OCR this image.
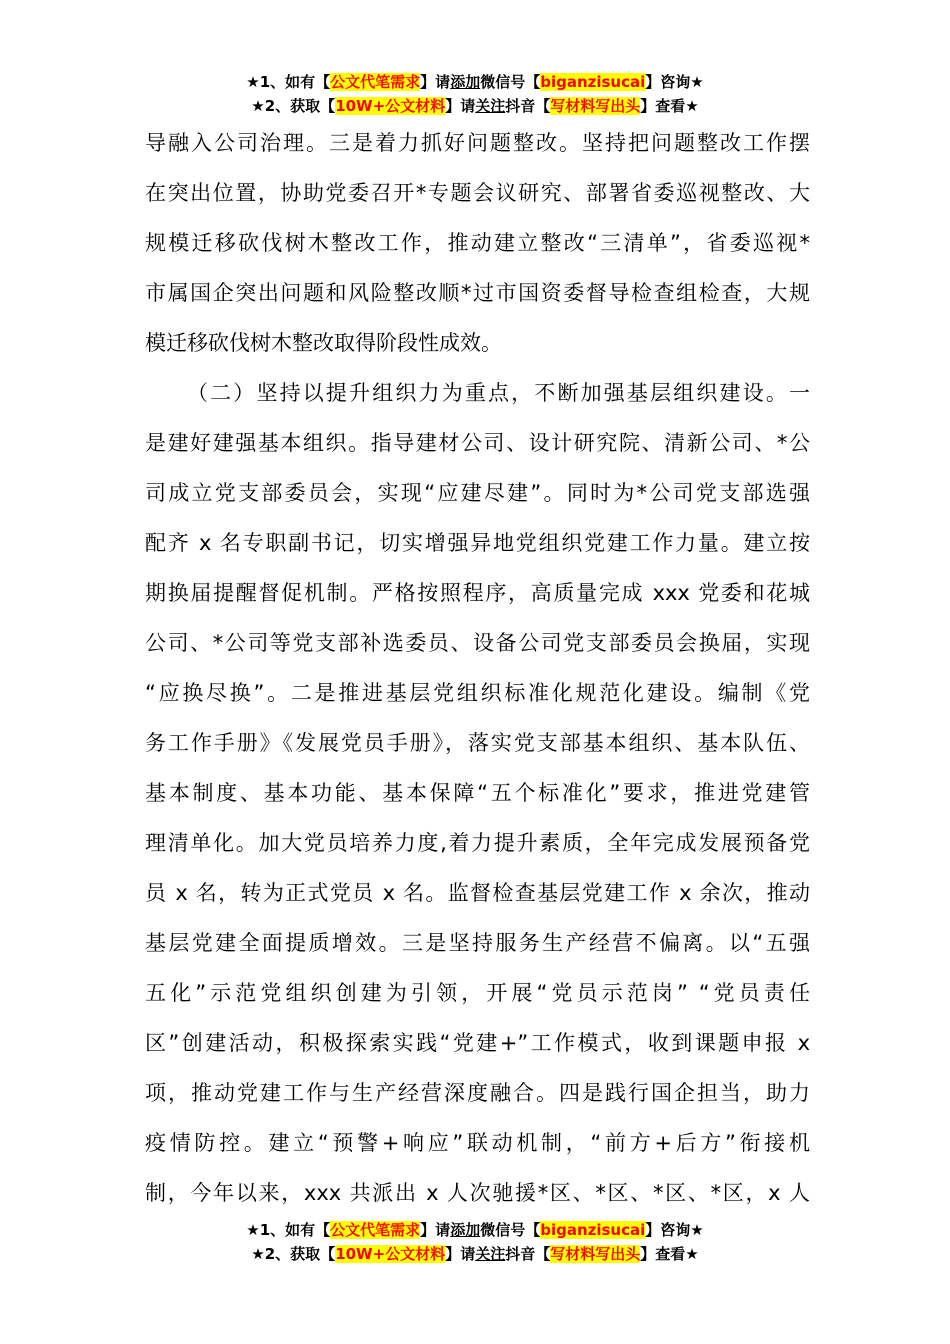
★1、如有【公文代笔需求】请添加微信号【biganzisucai】咨询★
★2、获取【10W+公文材料】请关注抖音【写材料写出头】查看★
导融入公司治理。三是着力抓好问题整改。坚持把问题整改工作摆
在突出位置，协助党委召开*专题会议研究、部署省委巡视整改、大
规模迁移砍伐树木整改工作，推动建立整改“三清单”，省委巡视*
市属国企突出问题和风险整改顺*过市国资委督导检查组检查，大规
模迁移砍伐树木整改取得阶段性成效。
（二）坚持以提升组织力为重点，不断加强基层组织建设。一
是建好建强基本组织。指导建材公司、设计研究院、清新公司、*公
司成立党支部委员会，实现“应建尽建”。同时为*公司党支部选强
配齐 x 名专职副书记，切实增强异地党组织党建工作力量。建立按
期换届提醒督促机制。严格按照程序，高质量完成 xxx 党委和花城
公司、*公司等党支部补选委员、设备公司党支部委员会换届，实现
“应换尽换”。二是推进基层党组织标准化规范化建设。编制《党
务工作手册》《发展党员手册》，落实党支部基本组织、基本队伍、
基本制度、基本功能、基本保障“五个标准化”要求，推进党建管
理清单化。加大党员培养力度,着力提升素质，全年完成发展预备党
员 x 名，转为正式党员 x 名。监督检查基层党建工作 x 余次，推动
基层党建全面提质增效。三是坚持服务生产经营不偏离。以“五强
五化”示范党组织创建为引领，开展“党员示范岗” “党员责任
区”创建活动，积极探索实践“党建+”工作模式，收到课题申报 x
项，推动党建工作与生产经营深度融合。四是践行国企担当，助力
疫情防控。建立“预警+响应”联动机制，“前方+后方”衔接机
制，今年以来，xxx 共派出 x 人次驰援*区、*区、*区、*区，x 人
★1、如有【公文代笔需求】请添加微信号【biganzisucai】咨询★
★2、获取【10W+公文材料】请关注抖音【写材料写出头】查看★
